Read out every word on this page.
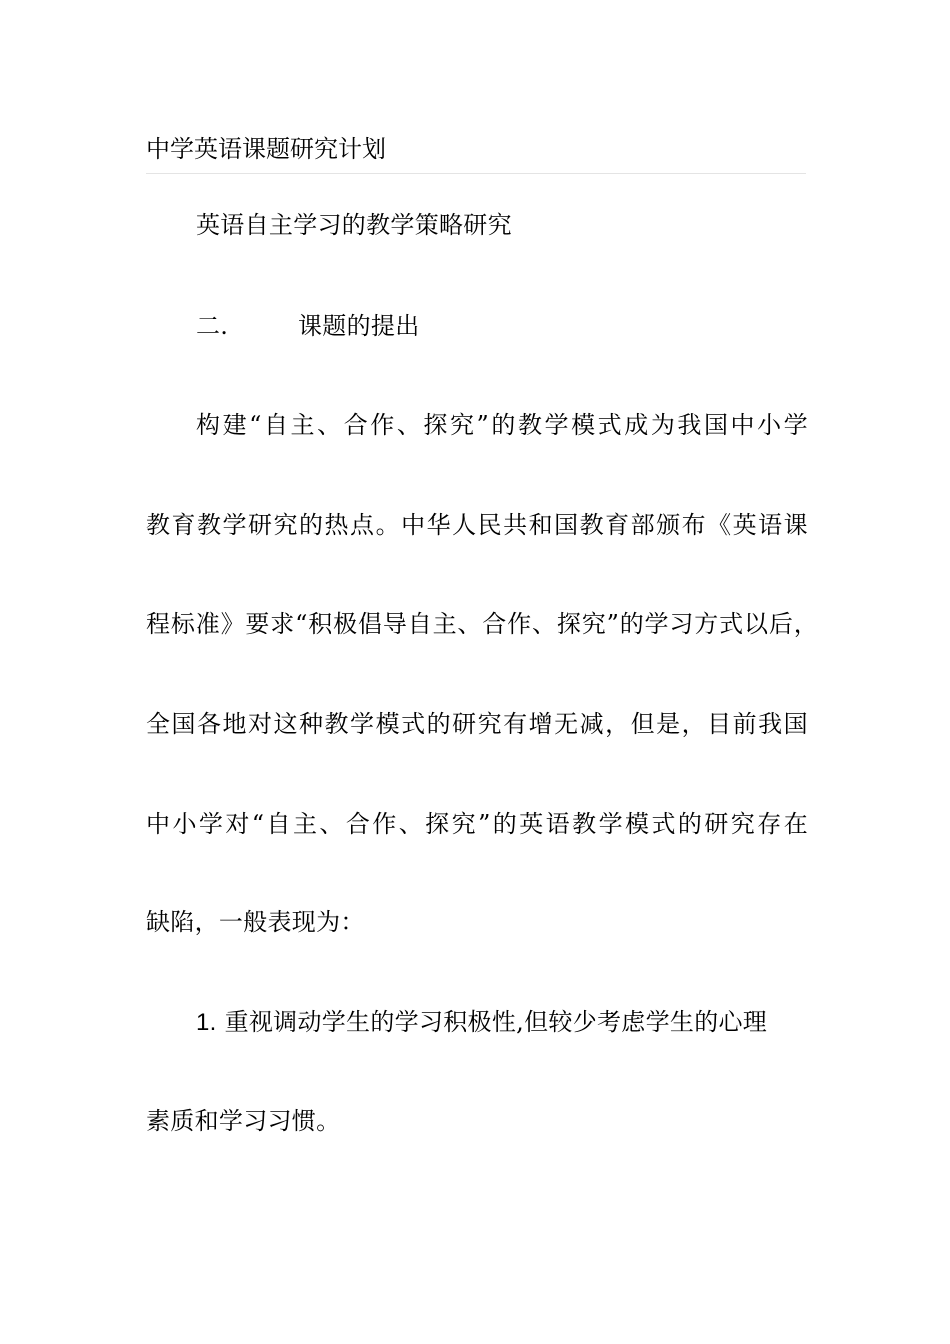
中学英语课题研究计划
英语自主学习的教学策略研究
二.	课题的提出
构建“自主、合作、探究”的教学模式成为我国中小学
教育教学研究的热点。中华人民共和国教育部颁布《英语课
程标准》要求“积极倡导自主、合作、探究”的学习方式以后，
全国各地对这种教学模式的研究有增无减，但是，目前我国
中小学对“自主、合作、探究”的英语教学模式的研究存在
缺陷，一般表现为：
1. 重视调动学生的学习积极性,但较少考虑学生的心理
素质和学习习惯。
